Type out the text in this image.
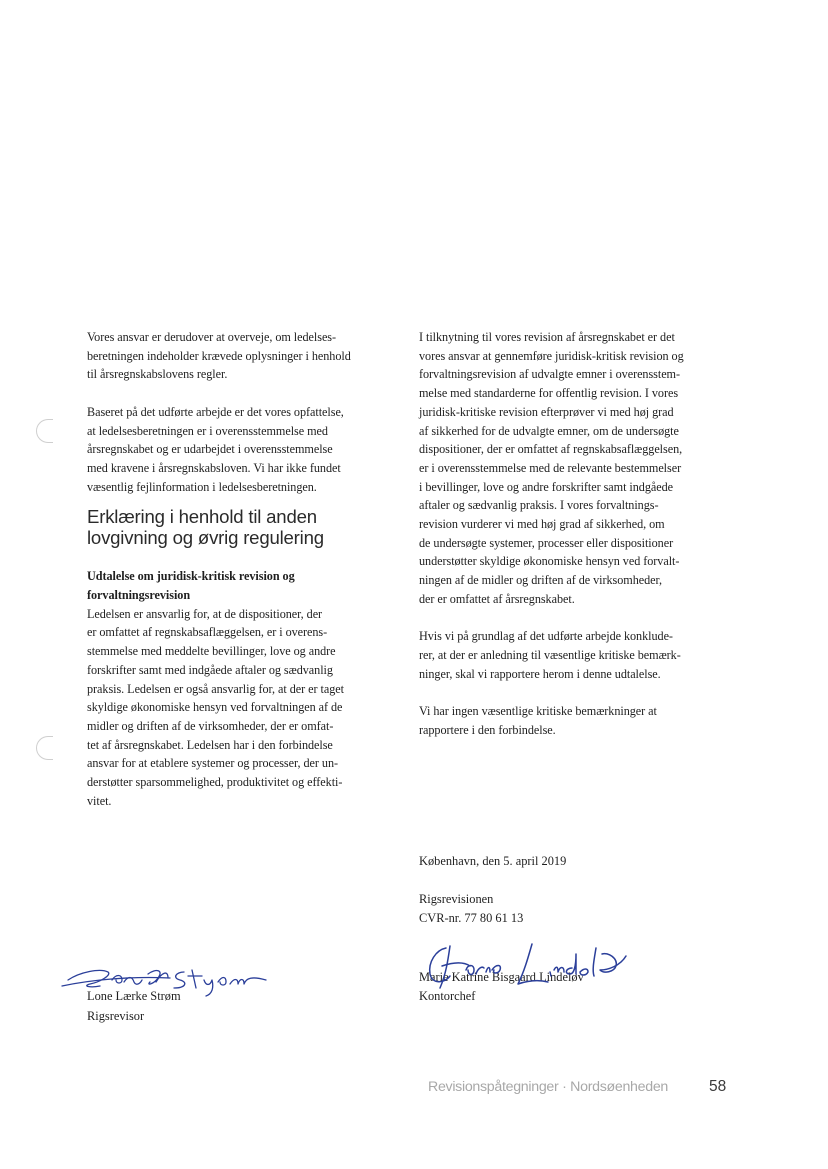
Vores ansvar er derudover at overveje, om ledelses-
beretningen indeholder krævede oplysninger i henhold
til årsregnskabslovens regler.

Baseret på det udførte arbejde er det vores opfattelse,
at ledelsesberetningen er i overensstemmelse med
årsregnskabet og er udarbejdet i overensstemmelse
med kravene i årsregnskabsloven. Vi har ikke fundet
væsentlig fejlinformation i ledelsesberetningen.

Erklæring i henhold til anden
lovgivning og øvrig regulering

Udtalelse om juridisk-kritisk revision og
forvaltningsrevision

Ledelsen er ansvarlig for, at de dispositioner, der
er omfattet af regnskabsaflæggelsen, er i overens-
stemmelse med meddelte bevillinger, love og andre
forskrifter samt med indgåede aftaler og sædvanlig
praksis. Ledelsen er også ansvarlig for, at der er taget
skyldige økonomiske hensyn ved forvaltningen af de
midler og driften af de virksomheder, der er omfat-
tet af årsregnskabet. Ledelsen har i den forbindelse
ansvar for at etablere systemer og processer, der un-
derstøtter sparsommelighed, produktivitet og effekti-
vitet.

I tilknytning til vores revision af årsregnskabet er det
vores ansvar at gennemføre juridisk-kritisk revision og
forvaltningsrevision af udvalgte emner i overensstem-
melse med standarderne for offentlig revision. I vores
juridisk-kritiske revision efterprøver vi med høj grad
af sikkerhed for de udvalgte emner, om de undersøgte
dispositioner, der er omfattet af regnskabsaflæggelsen,
er i overensstemmelse med de relevante bestemmelser
i bevillinger, love og andre forskrifter samt indgåede
aftaler og sædvanlig praksis. I vores forvaltnings-
revision vurderer vi med høj grad af sikkerhed, om
de undersøgte systemer, processer eller dispositioner
understøtter skyldige økonomiske hensyn ved forvalt-
ningen af de midler og driften af de virksomheder,
der er omfattet af årsregnskabet.

Hvis vi på grundlag af det udførte arbejde konklude-
rer, at der er anledning til væsentlige kritiske bemærk-
ninger, skal vi rapportere herom i denne udtalelse.

Vi har ingen væsentlige kritiske bemærkninger at
rapportere i den forbindelse.

København, den 5. april 2019
Rigsrevisionen
CVR-nr. 77 80 61 13
Marie Katrine Bisgaard Lindeløv
Kontorchef
Lone Lærke Strøm
Rigsrevisor
Revisionspåtegninger · Nordsøenheden	58
